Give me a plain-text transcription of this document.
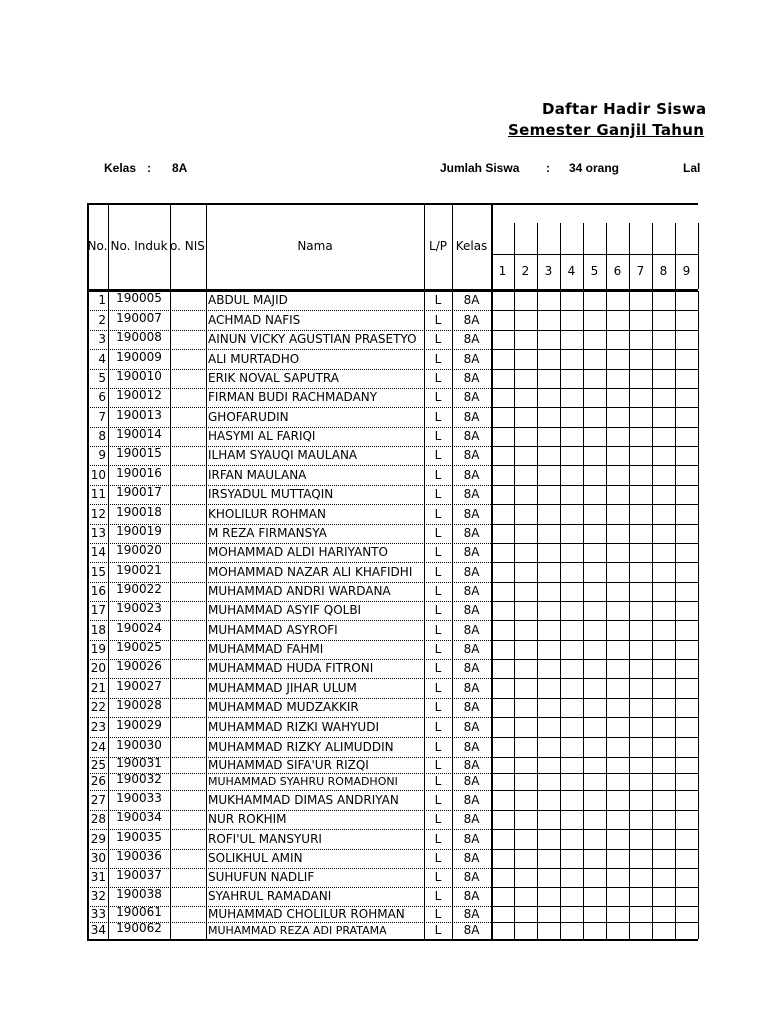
Daftar Hadir Siswa
Semester Ganjil Tahun
Kelas : 8A	Jumlah Siswa : 34 orang	Lal
No. No. Induk o. NIS	Nama	L/P Kelas
1	2	3	4	5	6	7	8	9
1 190005	ABDUL MAJID	L	8A
2 190007	ACHMAD NAFIS	L	8A
3 190008	AINUN VICKY AGUSTIAN PRASETYO	L	8A
4 190009	ALI MURTADHO	L	8A
5 190010	ERIK NOVAL SAPUTRA	L	8A
6 190012	FIRMAN BUDI RACHMADANY	L	8A
7 190013	GHOFARUDIN	L	8A
8 190014	HASYMI AL FARIQI	L	8A
9 190015	ILHAM SYAUQI MAULANA	L	8A
10 190016	IRFAN MAULANA	L	8A
11 190017	IRSYADUL MUTTAQIN	L	8A
12 190018	KHOLILUR ROHMAN	L	8A
13 190019	M REZA FIRMANSYA	L	8A
14 190020	MOHAMMAD ALDI HARIYANTO	L	8A
15 190021	MOHAMMAD NAZAR ALI KHAFIDHI	L	8A
16 190022	MUHAMMAD ANDRI WARDANA	L	8A
17 190023	MUHAMMAD ASYIF QOLBI	L	8A
18 190024	MUHAMMAD ASYROFI	L	8A
19 190025	MUHAMMAD FAHMI	L	8A
20 190026	MUHAMMAD HUDA FITRONI	L	8A
21 190027	MUHAMMAD JIHAR ULUM	L	8A
22 190028	MUHAMMAD MUDZAKKIR	L	8A
23 190029	MUHAMMAD RIZKI WAHYUDI	L	8A
24 190030	MUHAMMAD RIZKY ALIMUDDIN	L	8A
25 190031	MUHAMMAD SIFA'UR RIZQI	L	8A
26 190032	MUHAMMAD SYAHRU ROMADHONI	L	8A
27 190033	MUKHAMMAD DIMAS ANDRIYAN	L	8A
28 190034	NUR ROKHIM	L	8A
29 190035	ROFI'UL MANSYURI	L	8A
30 190036	SOLIKHUL AMIN	L	8A
31 190037	SUHUFUN NADLIF	L	8A
32 190038	SYAHRUL RAMADANI	L	8A
33 190061	MUHAMMAD CHOLILUR ROHMAN	L	8A
34 190062	MUHAMMAD REZA ADI PRATAMA	L	8A
